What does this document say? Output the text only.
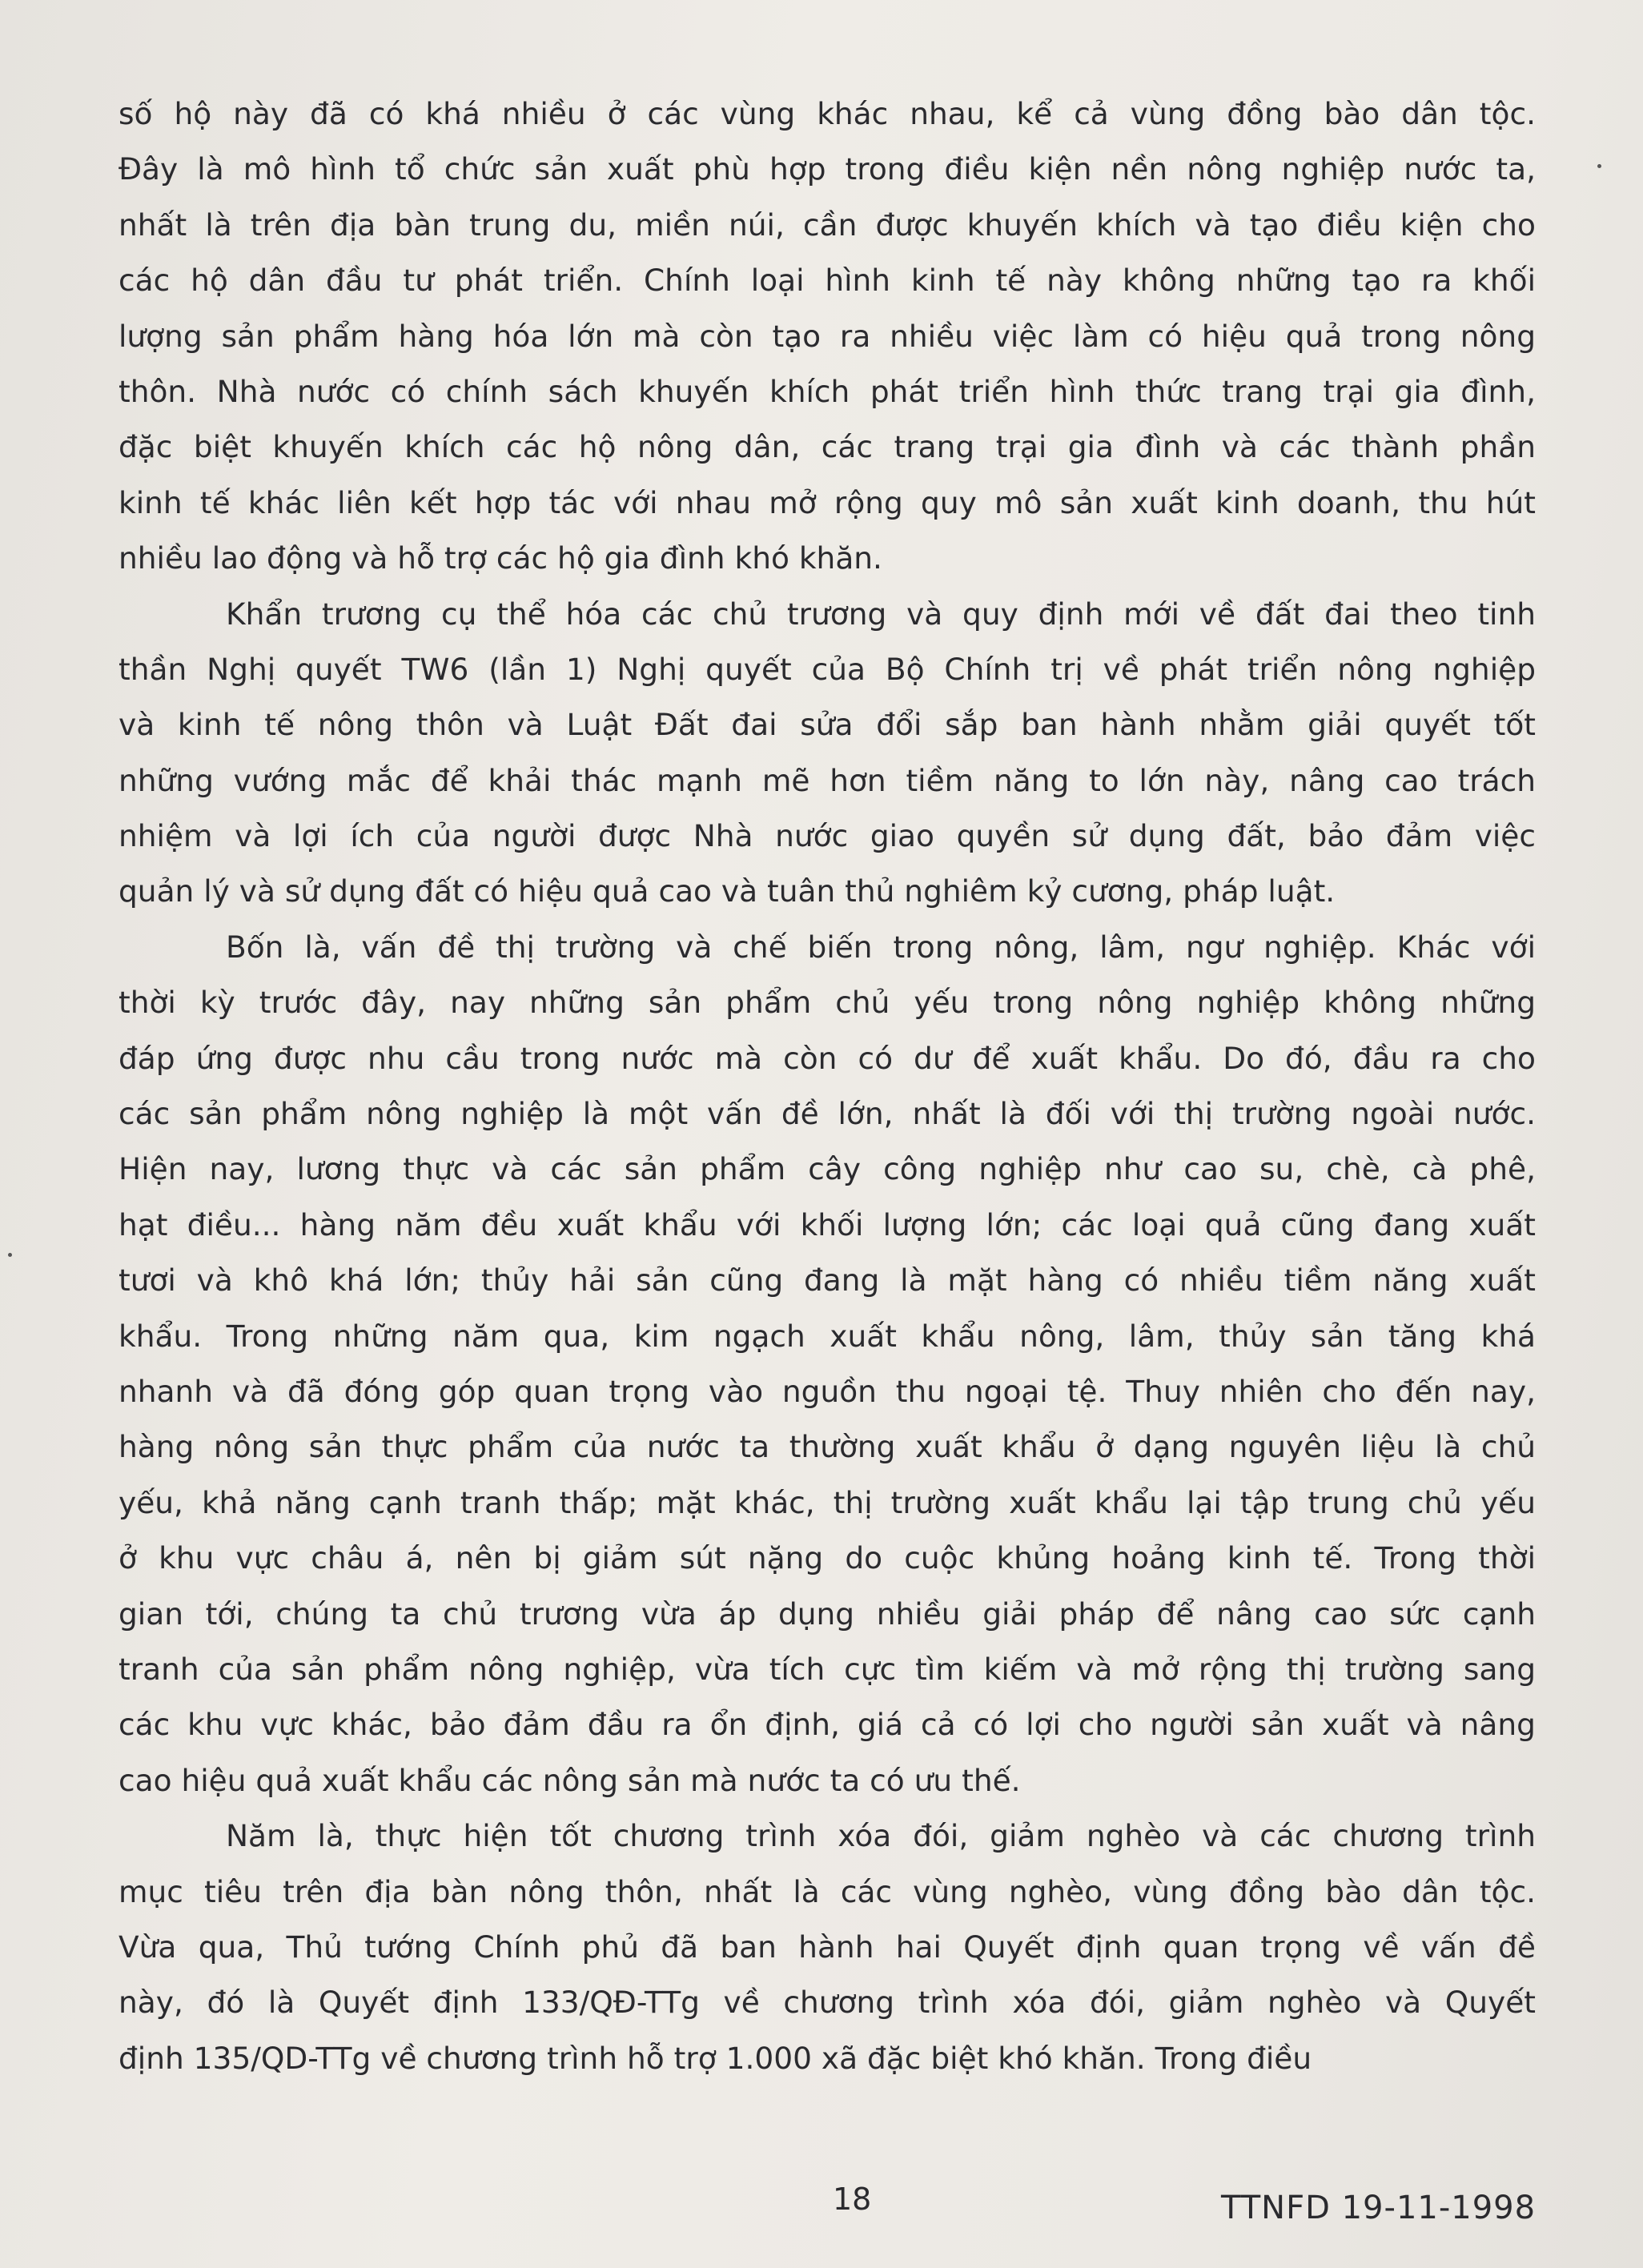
số hộ này đã có khá nhiều ở các vùng khác nhau, kể cả vùng đồng bào dân tộc.
Đây là mô hình tổ chức sản xuất phù hợp trong điều kiện nền nông nghiệp nước ta,
nhất là trên địa bàn trung du, miền núi, cần được khuyến khích và tạo điều kiện cho
các hộ dân đầu tư phát triển. Chính loại hình kinh tế này không những tạo ra khối
lượng sản phẩm hàng hóa lớn mà còn tạo ra nhiều việc làm có hiệu quả trong nông
thôn. Nhà nước có chính sách khuyến khích phát triển hình thức trang trại gia đình,
đặc biệt khuyến khích các hộ nông dân, các trang trại gia đình và các thành phần
kinh tế khác liên kết hợp tác với nhau mở rộng quy mô sản xuất kinh doanh, thu hút
nhiều lao động và hỗ trợ các hộ gia đình khó khăn.
Khẩn trương cụ thể hóa các chủ trương và quy định mới về đất đai theo tinh
thần Nghị quyết TW6 (lần 1) Nghị quyết của Bộ Chính trị về phát triển nông nghiệp
và kinh tế nông thôn và Luật Đất đai sửa đổi sắp ban hành nhằm giải quyết tốt
những vướng mắc để khải thác mạnh mẽ hơn tiềm năng to lớn này, nâng cao trách
nhiệm và lợi ích của người được Nhà nước giao quyền sử dụng đất, bảo đảm việc
quản lý và sử dụng đất có hiệu quả cao và tuân thủ nghiêm kỷ cương, pháp luật.
Bốn là, vấn đề thị trường và chế biến trong nông, lâm, ngư nghiệp. Khác với
thời kỳ trước đây, nay những sản phẩm chủ yếu trong nông nghiệp không những
đáp ứng được nhu cầu trong nước mà còn có dư để xuất khẩu. Do đó, đầu ra cho
các sản phẩm nông nghiệp là một vấn đề lớn, nhất là đối với thị trường ngoài nước.
Hiện nay, lương thực và các sản phẩm cây công nghiệp như cao su, chè, cà phê,
hạt điều... hàng năm đều xuất khẩu với khối lượng lớn; các loại quả cũng đang xuất
tươi và khô khá lớn; thủy hải sản cũng đang là mặt hàng có nhiều tiềm năng xuất
khẩu. Trong những năm qua, kim ngạch xuất khẩu nông, lâm, thủy sản tăng khá
nhanh và đã đóng góp quan trọng vào nguồn thu ngoại tệ. Thuy nhiên cho đến nay,
hàng nông sản thực phẩm của nước ta thường xuất khẩu ở dạng nguyên liệu là chủ
yếu, khả năng cạnh tranh thấp; mặt khác, thị trường xuất khẩu lại tập trung chủ yếu
ở khu vực châu á, nên bị giảm sút nặng do cuộc khủng hoảng kinh tế. Trong thời
gian tới, chúng ta chủ trương vừa áp dụng nhiều giải pháp để nâng cao sức cạnh
tranh của sản phẩm nông nghiệp, vừa tích cực tìm kiếm và mở rộng thị trường sang
các khu vực khác, bảo đảm đầu ra ổn định, giá cả có lợi cho người sản xuất và nâng
cao hiệu quả xuất khẩu các nông sản mà nước ta có ưu thế.
Năm là, thực hiện tốt chương trình xóa đói, giảm nghèo và các chương trình
mục tiêu trên địa bàn nông thôn, nhất là các vùng nghèo, vùng đồng bào dân tộc.
Vừa qua, Thủ tướng Chính phủ đã ban hành hai Quyết định quan trọng về vấn đề
này, đó là Quyết định 133/QĐ-TTg về chương trình xóa đói, giảm nghèo và Quyết
định 135/QD-TTg về chương trình hỗ trợ 1.000 xã đặc biệt khó khăn. Trong điều
18	TTNFD 19-11-1998
